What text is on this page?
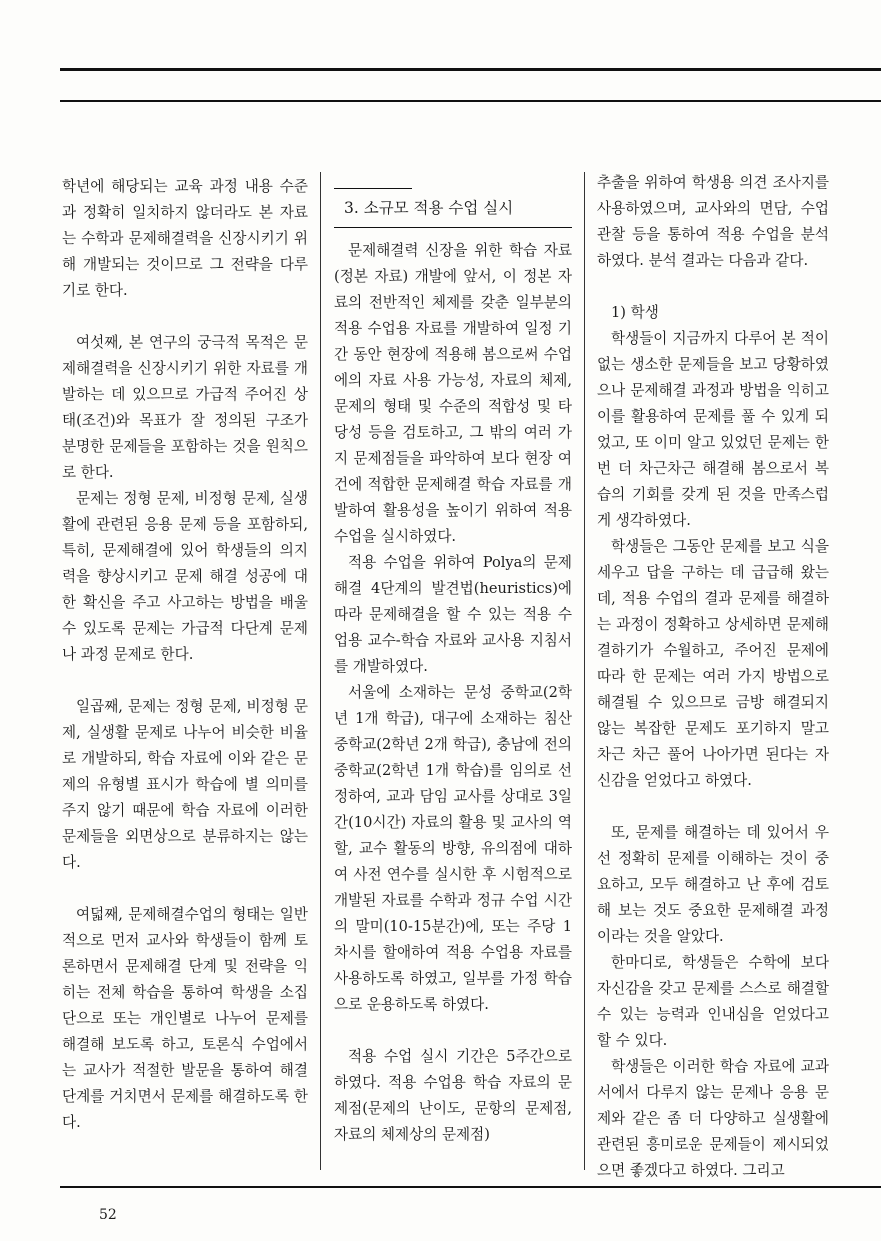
학년에 해당되는 교육 과정 내용 수준과 정확히 일치하지 않더라도 본 자료는 수학과 문제해결력을 신장시키기 위해 개발되는 것이므로 그 전략을 다루기로 한다.

여섯째, 본 연구의 궁극적 목적은 문제해결력을 신장시키기 위한 자료를 개발하는 데 있으므로 가급적 주어진 상태(조건)와 목표가 잘 정의된 구조가 분명한 문제들을 포함하는 것을 원칙으로 한다.

문제는 정형 문제, 비정형 문제, 실생활에 관련된 응용 문제 등을 포함하되, 특히, 문제해결에 있어 학생들의 의지력을 향상시키고 문제 해결 성공에 대한 확신을 주고 사고하는 방법을 배울 수 있도록 문제는 가급적 다단계 문제나 과정 문제로 한다.

일곱째, 문제는 정형 문제, 비정형 문제, 실생활 문제로 나누어 비슷한 비율로 개발하되, 학습 자료에 이와 같은 문제의 유형별 표시가 학습에 별 의미를 주지 않기 때문에 학습 자료에 이러한 문제들을 외면상으로 분류하지는 않는다.

여덟째, 문제해결수업의 형태는 일반적으로 먼저 교사와 학생들이 함께 토론하면서 문제해결 단계 및 전략을 익히는 전체 학습을 통하여 학생을 소집단으로 또는 개인별로 나누어 문제를 해결해 보도록 하고, 토론식 수업에서는 교사가 적절한 발문을 통하여 해결 단계를 거치면서 문제를 해결하도록 한다.

3. 소규모 적용 수업 실시

문제해결력 신장을 위한 학습 자료(정본 자료) 개발에 앞서, 이 정본 자료의 전반적인 체제를 갖춘 일부분의 적용 수업용 자료를 개발하여 일정 기간 동안 현장에 적용해 봄으로써 수업에의 자료 사용 가능성, 자료의 체제, 문제의 형태 및 수준의 적합성 및 타당성 등을 검토하고, 그 밖의 여러 가지 문제점들을 파악하여 보다 현장 여건에 적합한 문제해결 학습 자료를 개발하여 활용성을 높이기 위하여 적용 수업을 실시하였다.

적용 수업을 위하여 Polya의 문제해결 4단계의 발견법(heuristics)에 따라 문제해결을 할 수 있는 적용 수업용 교수-학습 자료와 교사용 지침서를 개발하였다.

서울에 소재하는 문성 중학교(2학년 1개 학급), 대구에 소재하는 침산 중학교(2학년 2개 학급), 충남에 전의 중학교(2학년 1개 학습)를 임의로 선정하여, 교과 담임 교사를 상대로 3일간(10시간) 자료의 활용 및 교사의 역할, 교수 활동의 방향, 유의점에 대하여 사전 연수를 실시한 후 시험적으로 개발된 자료를 수학과 정규 수업 시간의 말미(10-15분간)에, 또는 주당 1차시를 할애하여 적용 수업용 자료를 사용하도록 하였고, 일부를 가정 학습으로 운용하도록 하였다.

적용 수업 실시 기간은 5주간으로 하였다. 적용 수업용 학습 자료의 문제점(문제의 난이도, 문항의 문제점, 자료의 체제상의 문제점)

추출을 위하여 학생용 의견 조사지를 사용하였으며, 교사와의 면담, 수업 관찰 등을 통하여 적용 수업을 분석하였다. 분석 결과는 다음과 같다.

1) 학생

학생들이 지금까지 다루어 본 적이 없는 생소한 문제들을 보고 당황하였으나 문제해결 과정과 방법을 익히고 이를 활용하여 문제를 풀 수 있게 되었고, 또 이미 알고 있었던 문제는 한번 더 차근차근 해결해 봄으로서 복습의 기회를 갖게 된 것을 만족스럽게 생각하였다.

학생들은 그동안 문제를 보고 식을 세우고 답을 구하는 데 급급해 왔는데, 적용 수업의 결과 문제를 해결하는 과정이 정확하고 상세하면 문제해결하기가 수월하고, 주어진 문제에 따라 한 문제는 여러 가지 방법으로 해결될 수 있으므로 금방 해결되지 않는 복잡한 문제도 포기하지 말고 차근 차근 풀어 나아가면 된다는 자신감을 얻었다고 하였다.

또, 문제를 해결하는 데 있어서 우선 정확히 문제를 이해하는 것이 중요하고, 모두 해결하고 난 후에 검토해 보는 것도 중요한 문제해결 과정이라는 것을 알았다.

한마디로, 학생들은 수학에 보다 자신감을 갖고 문제를 스스로 해결할 수 있는 능력과 인내심을 얻었다고 할 수 있다.

학생들은 이러한 학습 자료에 교과서에서 다루지 않는 문제나 응용 문제와 같은 좀 더 다양하고 실생활에 관련된 흥미로운 문제들이 제시되었으면 좋겠다고 하였다. 그리고

52
